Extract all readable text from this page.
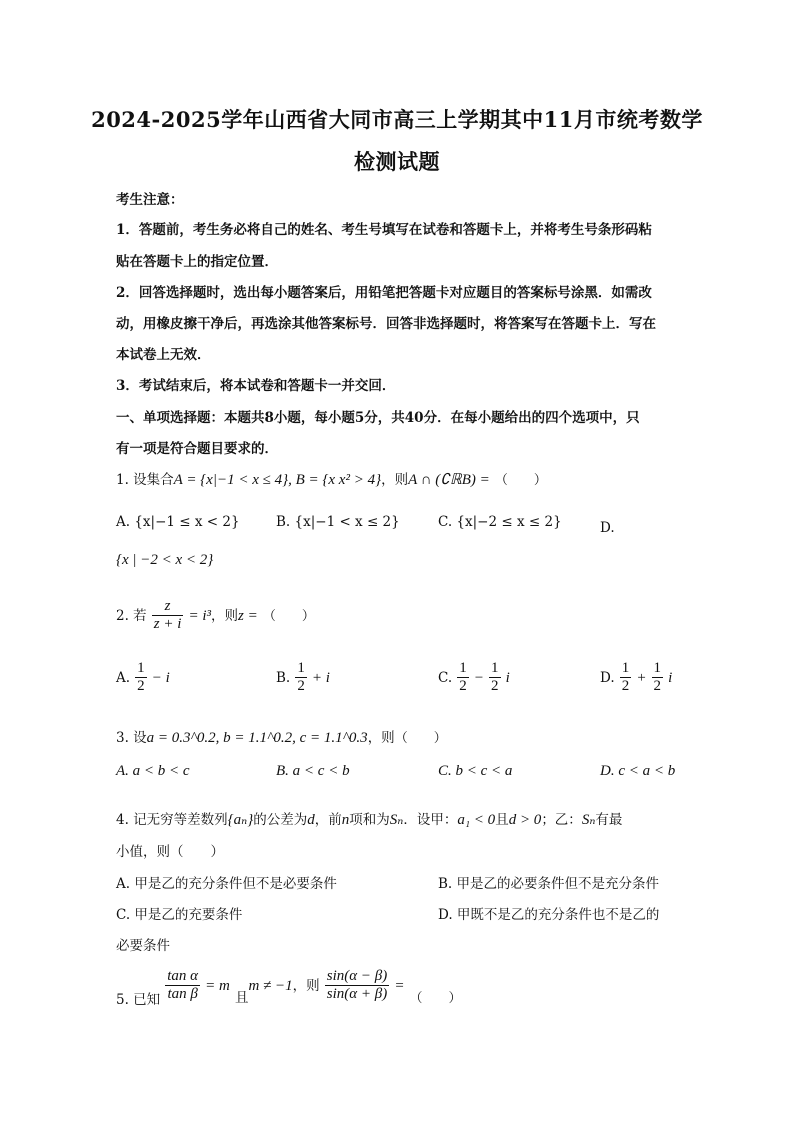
2024-2025学年山西省大同市高三上学期其中11月市统考数学
检测试题
考生注意：
1．答题前，考生务必将自己的姓名、考生号填写在试卷和答题卡上，并将考生号条形码粘
贴在答题卡上的指定位置．
2．回答选择题时，选出每小题答案后，用铅笔把答题卡对应题目的答案标号涂黑．如需改
动，用橡皮擦干净后，再选涂其他答案标号．回答非选择题时，将答案写在答题卡上．写在
本试卷上无效．
3．考试结束后，将本试卷和答题卡一并交回．
一、单项选择题：本题共8小题，每小题5分，共40分．在每小题给出的四个选项中，只
有一项是符合题目要求的．
1. 设集合A = {x|−1 < x ≤ 4}, B = {x x² > 4}，则A ∩ (∁ℝB) = （　　）
A. {x|−1 ≤ x < 2}	B. {x|−1 < x ≤ 2}	C. {x|−2 ≤ x ≤ 2}	D.
{x | −2 < x < 2}
2. 若 $\frac{z}{z + i} = i^3$，则z = （　　）
A. $\frac{1}{2} - i$	B. $\frac{1}{2} + i$	C. $\frac{1}{2} - \frac{1}{2}$ i	D. $\frac{1}{2} + \frac{1}{2}$ i
3. 设a = 0.3^0.2, b = 1.1^0.2, c = 1.1^0.3，则（　　）
A. a < b < c	B. a < c < b	C. b < c < a	D. c < a < b
4. 记无穷等差数列{aₙ}的公差为d，前n项和为Sₙ．设甲：a₁ < 0且d > 0；乙：Sₙ有最
小值，则（　　）
A. 甲是乙的充分条件但不是必要条件	B. 甲是乙的必要条件但不是充分条件
C. 甲是乙的充要条件	D. 甲既不是乙的充分条件也不是乙的
必要条件
$_{5. 已知} \frac{\text{tan α}}{\text{tan β}} = m$ $_且$m ≠ −1，则 $\frac{\sin(\alpha - \beta)}{\sin(\alpha + \beta)} = _{( )}$
